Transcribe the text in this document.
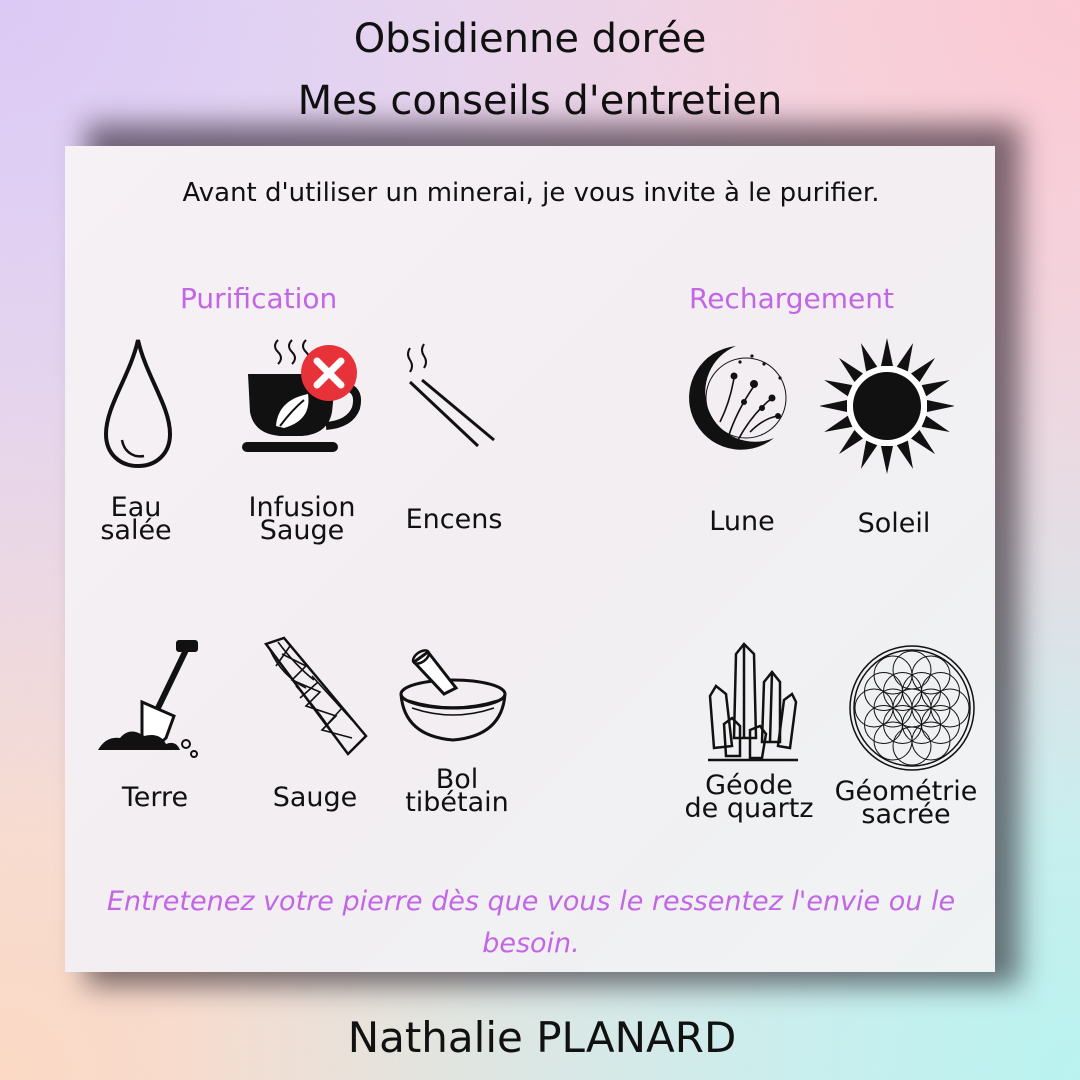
Obsidienne dorée
Mes conseils d'entretien
Avant d'utiliser un minerai, je vous invite à le purifier.
Purification	Rechargement
Eau
salée
Infusion
Sauge	Encens
Terre	Sauge
Bol
tibétain
Lune	Soleil
Géode
de quartz
Géométrie
sacrée
Entretenez votre pierre dès que vous le ressentez l'envie ou le besoin.
Nathalie PLANARD
